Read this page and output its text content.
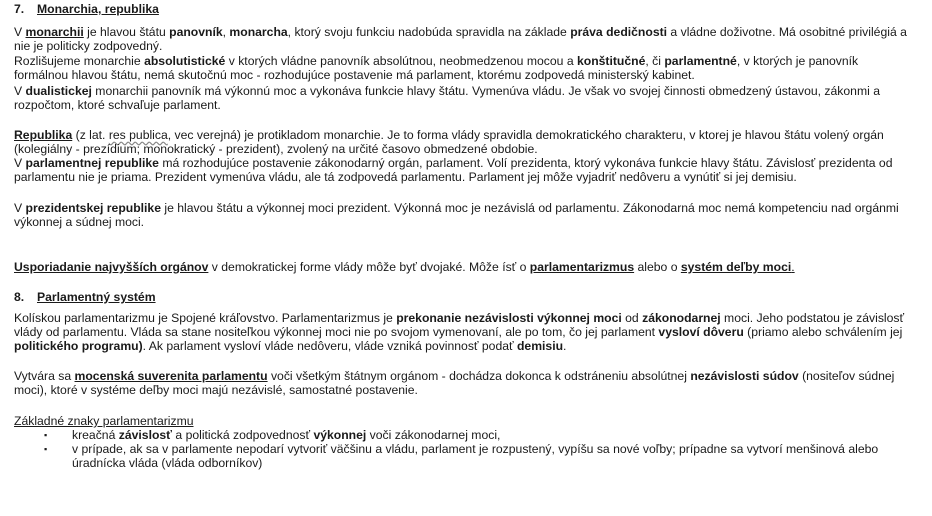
7. Monarchia, republika
V monarchii je hlavou štátu panovník, monarcha, ktorý svoju funkciu nadobúda spravidla na základe práva dedičnosti a vládne doživotne. Má osobitné privilégiá a nie je politicky zodpovedný.
Rozlišujeme monarchie absolutistické v ktorých vládne panovník absolútnou, neobmedzenou mocou a konštitučné, či parlamentné, v ktorých je panovník formálnou hlavou štátu, nemá skutočnú moc - rozhodujúce postavenie má parlament, ktorému zodpovedá ministerský kabinet.
V dualistickej monarchii panovník má výkonnú moc a vykonáva funkcie hlavy štátu. Vymenúva vládu. Je však vo svojej činnosti obmedzený ústavou, zákonmi a rozpočtom, ktoré schvaľuje parlament.
Republika (z lat. res publica, vec verejná) je protikladom monarchie. Je to forma vlády spravidla demokratického charakteru, v ktorej je hlavou štátu volený orgán (kolegiálny - prezídium; monokratický - prezident), zvolený na určité časovo obmedzené obdobie.
V parlamentnej republike má rozhodujúce postavenie zákonodarný orgán, parlament. Volí prezidenta, ktorý vykonáva funkcie hlavy štátu. Závislosť prezidenta od parlamentu nie je priama. Prezident vymenúva vládu, ale tá zodpovedá parlamentu. Parlament jej môže vyjadriť nedôveru a vynútiť si jej demisiu.
V prezidentskej republike je hlavou štátu a výkonnej moci prezident. Výkonná moc je nezávislá od parlamentu. Zákonodarná moc nemá kompetenciu nad orgánmi výkonnej a súdnej moci.
Usporiadanie najvyšších orgánov v demokratickej forme vlády môže byť dvojaké. Môže ísť o parlamentarizmus alebo o systém deľby moci.
8. Parlamentný systém
Kolískou parlamentarizmu je Spojené kráľovstvo. Parlamentarizmus je prekonanie nezávislosti výkonnej moci od zákonodarnej moci. Jeho podstatou je závislosť vlády od parlamentu. Vláda sa stane nositeľkou výkonnej moci nie po svojom vymenovaní, ale po tom, čo jej parlament vysloví dôveru (priamo alebo schválením jej politického programu). Ak parlament vysloví vláde nedôveru, vláde vzniká povinnosť podať demisiu.
Vytvára sa mocenská suverenita parlamentu voči všetkým štátnym orgánom - dochádza dokonca k odstráneniu absolútnej nezávislosti súdov (nositeľov súdnej moci), ktoré v systéme deľby moci majú nezávislé, samostatné postavenie.
Základné znaky parlamentarizmu
▪ kreačná závislosť a politická zodpovednosť výkonnej voči zákonodarnej moci,
▪ v prípade, ak sa v parlamente nepodarí vytvoriť väčšinu a vládu, parlament je rozpustený, vypíšu sa nové voľby; prípadne sa vytvorí menšinová alebo úradnícka vláda (vláda odborníkov)
